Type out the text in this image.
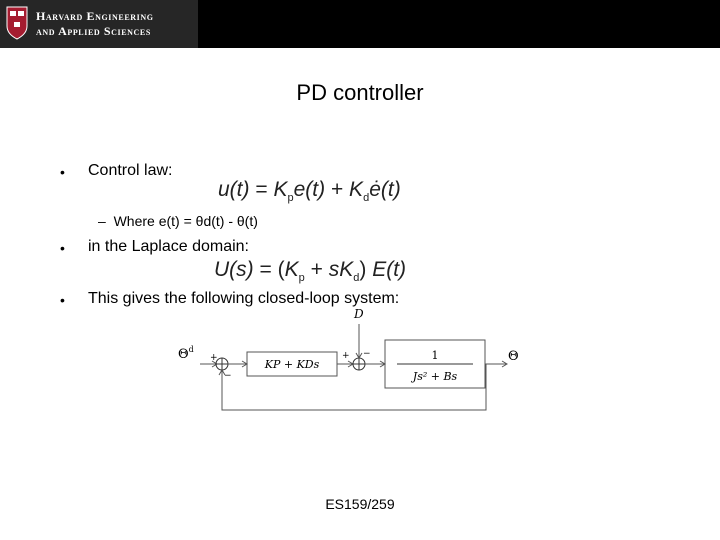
Harvard Engineering
and Applied Sciences
PD controller
• Control law:
$u(t) = K_pe(t)$ + $K_dė(t)$
– Where e(t) = θd(t) - θ(t)
• in the Laplace domain:
$U(s) = (K_p + sK_d)$ E(t)
• This gives the following closed-loop system:
$\Theta^d$
+
−
KP + KDs
+ −
D
1
Js² + Bs
Θ
ES159/259
